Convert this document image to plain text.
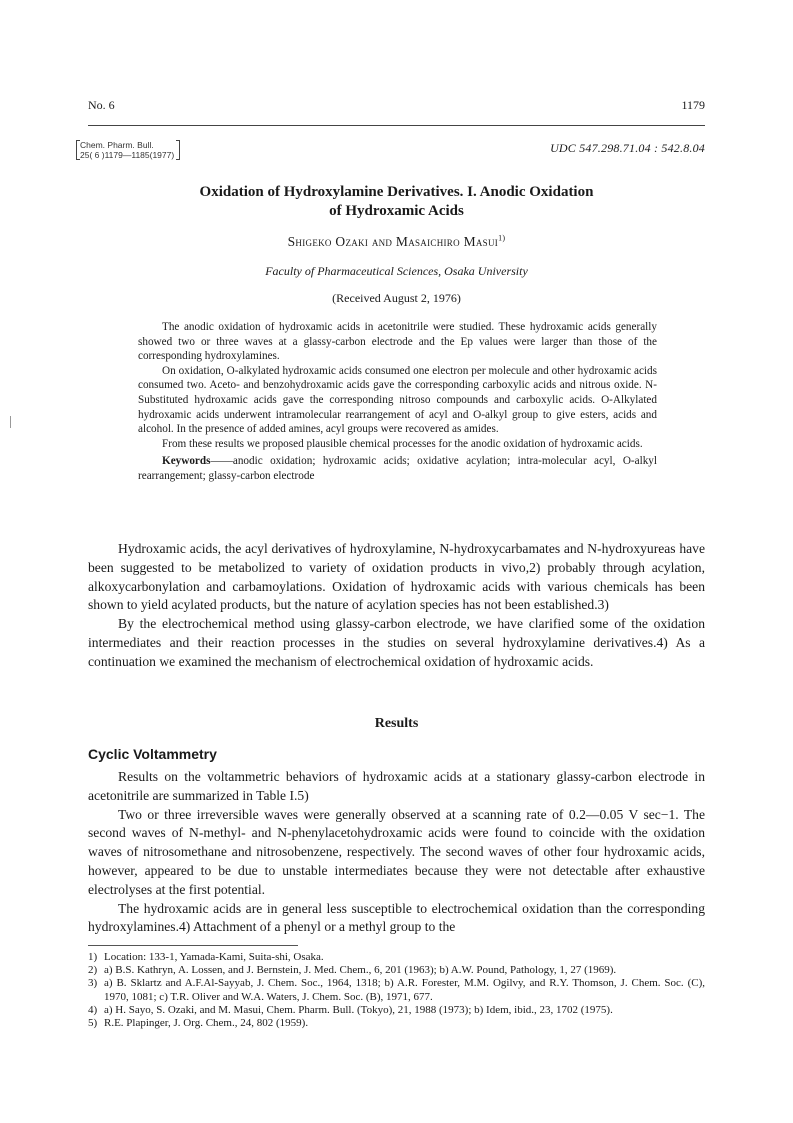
No. 6	1179
Chem. Pharm. Bull.
25( 6 )1179—1185(1977)	UDC 547.298.71.04 : 542.8.04
Oxidation of Hydroxylamine Derivatives. I. Anodic Oxidation
of Hydroxamic Acids
Shigeko Ozaki and Masaichiro Masui$^{1)}$
Faculty of Pharmaceutical Sciences, Osaka University
(Received August 2, 1976)

The anodic oxidation of hydroxamic acids in acetonitrile were studied. These hydroxamic acids generally showed two or three waves at a glassy-carbon electrode and the Ep values were larger than those of the corresponding hydroxylamines.

On oxidation, O-alkylated hydroxamic acids consumed one electron per molecule and other hydroxamic acids consumed two. Aceto- and benzohydroxamic acids gave the corresponding carboxylic acids and nitrous oxide. N-Substituted hydroxamic acids gave the corresponding nitroso compounds and carboxylic acids. O-Alkylated hydroxamic acids underwent intramolecular rearrangement of acyl and O-alkyl group to give esters, acids and alcohol. In the presence of added amines, acyl groups were recovered as amides.

From these results we proposed plausible chemical processes for the anodic oxidation of hydroxamic acids.

Keywords——anodic oxidation; hydroxamic acids; oxidative acylation; intra-molecular acyl, O-alkyl rearrangement; glassy-carbon electrode

Hydroxamic acids, the acyl derivatives of hydroxylamine, N-hydroxycarbamates and N-hydroxyureas have been suggested to be metabolized to variety of oxidation products in vivo,2) probably through acylation, alkoxycarbonylation and carbamoylations. Oxidation of hydroxamic acids with various chemicals has been shown to yield acylated products, but the nature of acylation species has not been established.3)

By the electrochemical method using glassy-carbon electrode, we have clarified some of the oxidation intermediates and their reaction processes in the studies on several hydroxylamine derivatives.4) As a continuation we examined the mechanism of electrochemical oxidation of hydroxamic acids.

Results
Cyclic Voltammetry

Results on the voltammetric behaviors of hydroxamic acids at a stationary glassy-carbon electrode in acetonitrile are summarized in Table I.5)

Two or three irreversible waves were generally observed at a scanning rate of 0.2—0.05 V sec−1. The second waves of N-methyl- and N-phenylacetohydroxamic acids were found to coincide with the oxidation waves of nitrosomethane and nitrosobenzene, respectively. The second waves of other four hydroxamic acids, however, appeared to be due to unstable intermediates because they were not detectable after exhaustive electrolyses at the first potential.

The hydroxamic acids are in general less susceptible to electrochemical oxidation than the corresponding hydroxylamines.4) Attachment of a phenyl or a methyl group to the

1) Location: 133-1, Yamada-Kami, Suita-shi, Osaka.
2) a) B.S. Kathryn, A. Lossen, and J. Bernstein, J. Med. Chem., 6, 201 (1963); b) A.W. Pound, Pathology, 1, 27 (1969).
3) a) B. Sklartz and A.F.Al-Sayyab, J. Chem. Soc., 1964, 1318; b) A.R. Forester, M.M. Ogilvy, and R.Y. Thomson, J. Chem. Soc. (C), 1970, 1081; c) T.R. Oliver and W.A. Waters, J. Chem. Soc. (B), 1971, 677.
4) a) H. Sayo, S. Ozaki, and M. Masui, Chem. Pharm. Bull. (Tokyo), 21, 1988 (1973); b) Idem, ibid., 23, 1702 (1975).
5) R.E. Plapinger, J. Org. Chem., 24, 802 (1959).
